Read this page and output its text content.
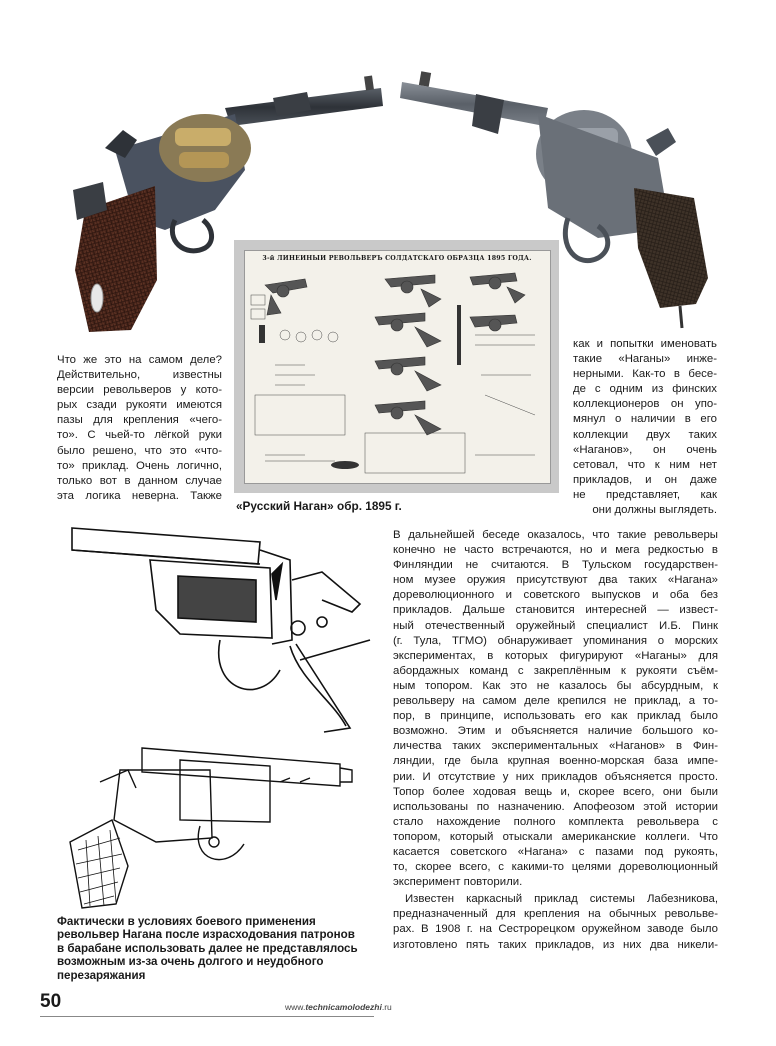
3-й ЛИНЕЙНЫЙ РЕВОЛЬВЕРЪ СОЛДАТСКАГО ОБРАЗЦА 1895 ГОДА.
«Русский Наган» обр. 1895 г.
Что же это на самом деле?
Действительно, известны
версии револьверов у кото-
рых сзади рукояти имеются
пазы для крепления «чего-
то». С чьей-то лёгкой руки
было решено, что это «что-
то» приклад. Очень логично,
только вот в данном случае
эта логика неверна. Также
как и попытки именовать
такие «Наганы» инже-
нерными. Как-то в бесе-
де с одним из финских
коллекционеров он упо-
мянул о наличии в его
коллекции двух таких
«Наганов», он очень
сетовал, что к ним нет
прикладов, и он даже
не представляет, как
они должны выглядеть.
Фактически в условиях боевого применения
револьвер Нагана после израсходования патронов
в барабане использовать далее не представлялось
возможным из-за очень долгого и неудобного
перезаряжания
В дальнейшей беседе оказалось, что такие револьверы
конечно не часто встречаются, но и мега редкостью в
Финляндии не считаются. В Тульском государствен-
ном музее оружия присутствуют два таких «Нагана»
дореволюционного и советского выпусков и оба без
прикладов. Дальше становится интересней — извест-
ный отечественный оружейный специалист И.Б. Пинк
(г. Тула, ТГМО) обнаруживает упоминания о морских
экспериментах, в которых фигурируют «Наганы» для
абордажных команд с закреплённым к рукояти съём-
ным топором. Как это не казалось бы абсурдным, к
револьверу на самом деле крепился не приклад, а то-
пор, в принципе, использовать его как приклад было
возможно. Этим и объясняется наличие большого ко-
личества таких экспериментальных «Наганов» в Фин-
ляндии, где была крупная военно-морская база импе-
рии. И отсутствие у них прикладов объясняется просто.
Топор более ходовая вещь и, скорее всего, они были
использованы по назначению. Апофеозом этой истории
стало нахождение полного комплекта револьвера с
топором, который отыскали американские коллеги. Что
касается советского «Нагана» с пазами под рукоять,
то, скорее всего, с какими-то целями дореволюционный
эксперимент повторили.
Известен каркасный приклад системы Лабезникова,
предназначенный для крепления на обычных револьве-
рах. В 1908 г. на Сестрорецком оружейном заводе было
изготовлено пять таких прикладов, из них два никели-
50	www.technicamolodezhi.ru
